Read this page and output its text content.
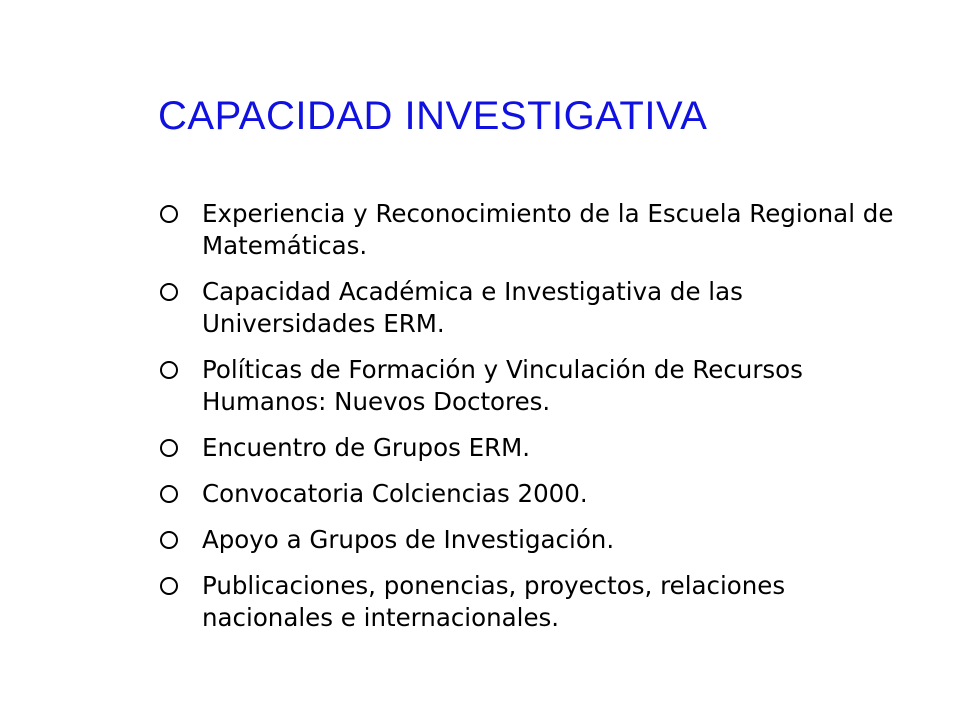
CAPACIDAD INVESTIGATIVA
Experiencia y Reconocimiento de la Escuela Regional de Matemáticas.
Capacidad Académica e Investigativa de las Universidades ERM.
Políticas de Formación y Vinculación de Recursos Humanos: Nuevos Doctores.
Encuentro de Grupos ERM.
Convocatoria Colciencias 2000.
Apoyo a Grupos de Investigación.
Publicaciones, ponencias, proyectos, relaciones nacionales e internacionales.
